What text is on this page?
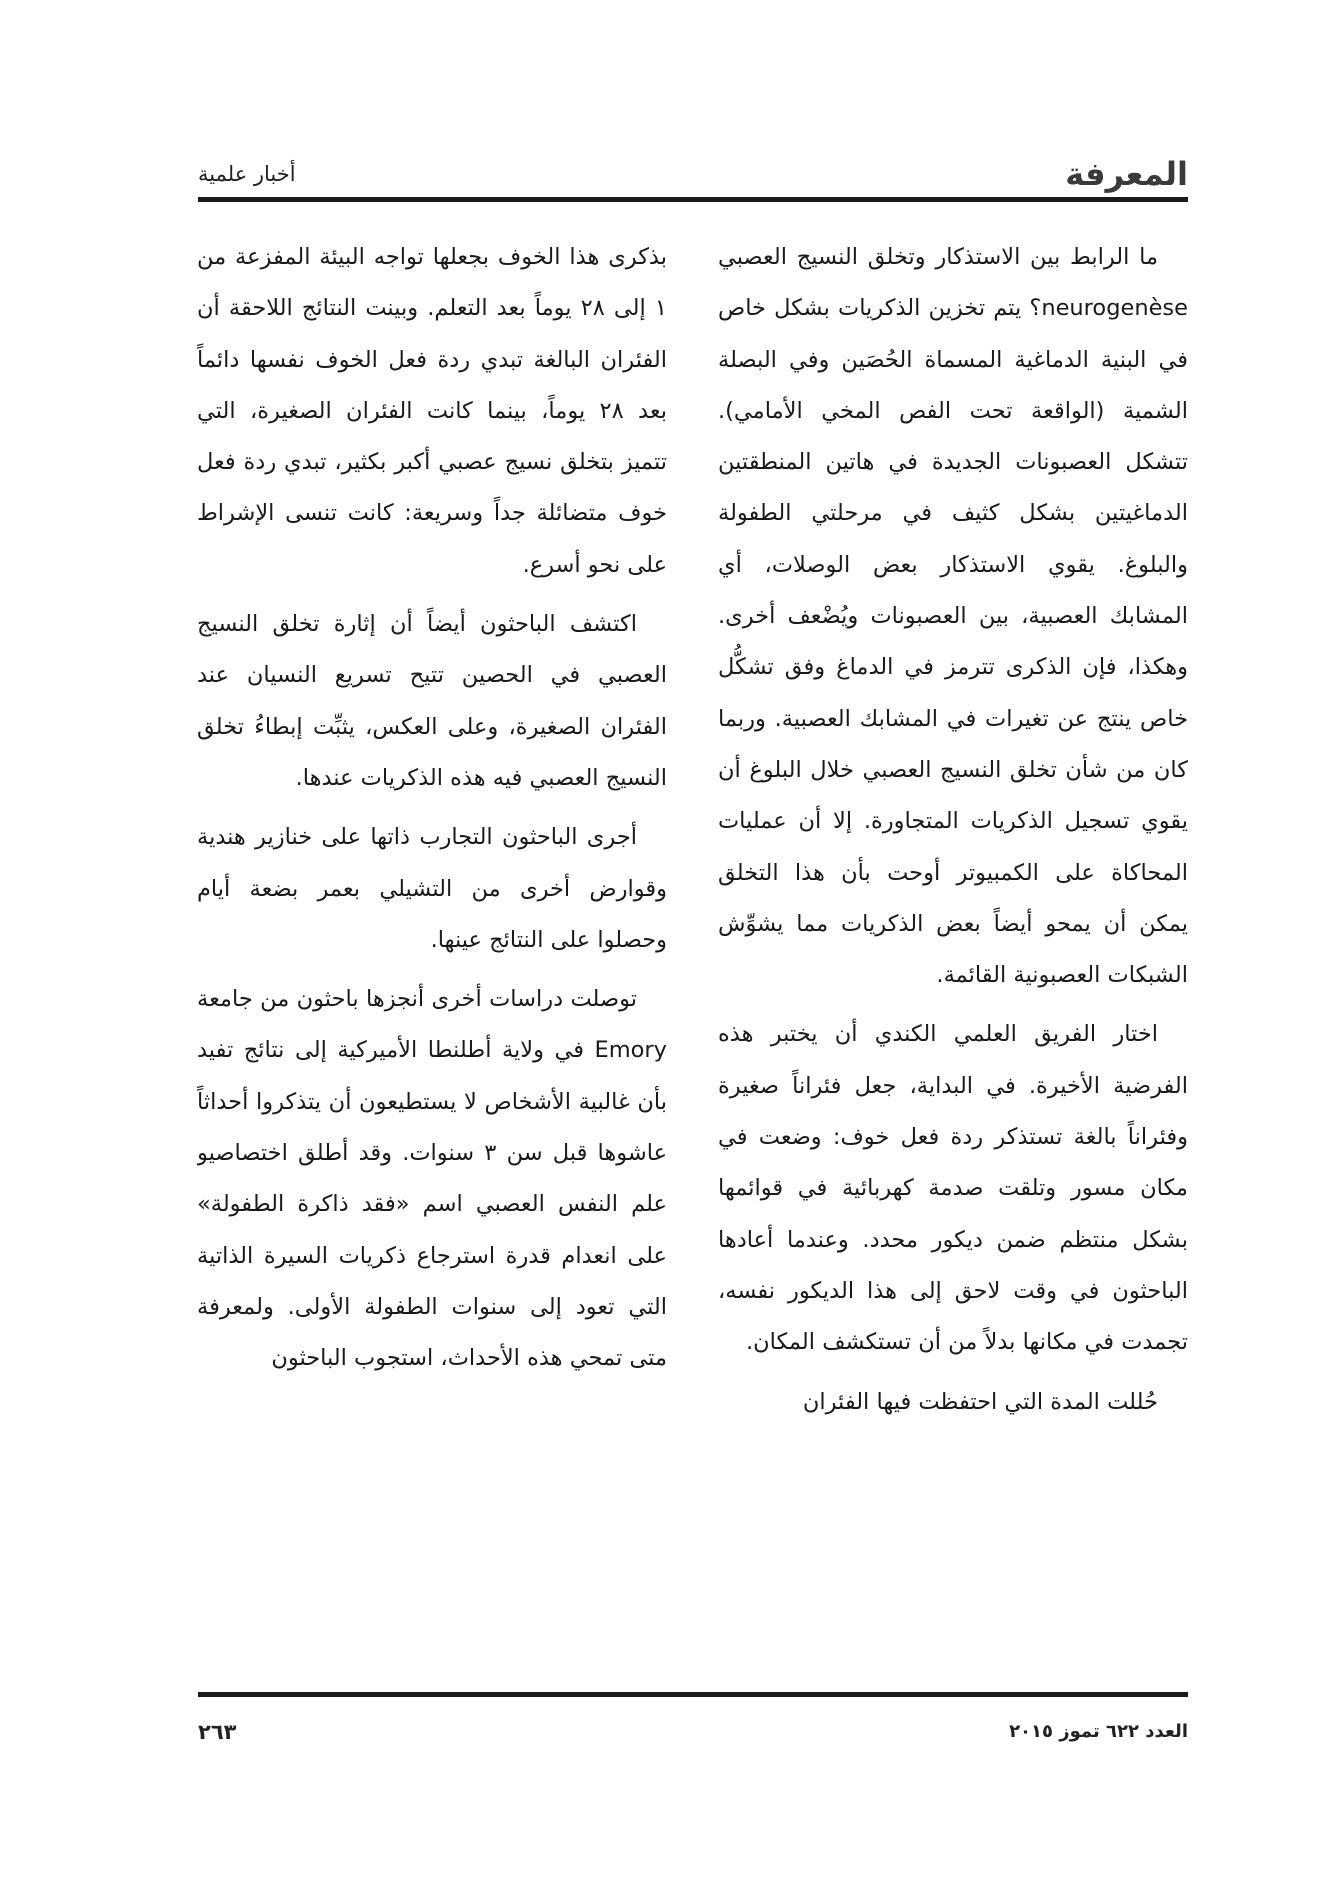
المعرفة
أخبار علمية

ما الرابط بين الاستذكار وتخلق النسيج العصبي neurogenèse؟ يتم تخزين الذكريات بشكل خاص في البنية الدماغية المسماة الحُصَين وفي البصلة الشمية (الواقعة تحت الفص المخي الأمامي). تتشكل العصبونات الجديدة في هاتين المنطقتين الدماغيتين بشكل كثيف في مرحلتي الطفولة والبلوغ. يقوي الاستذكار بعض الوصلات، أي المشابك العصبية، بين العصبونات ويُضْعف أخرى. وهكذا، فإن الذكرى تترمز في الدماغ وفق تشكُّل خاص ينتج عن تغيرات في المشابك العصبية. وربما كان من شأن تخلق النسيج العصبي خلال البلوغ أن يقوي تسجيل الذكريات المتجاورة. إلا أن عمليات المحاكاة على الكمبيوتر أوحت بأن هذا التخلق يمكن أن يمحو أيضاً بعض الذكريات مما يشوِّش الشبكات العصبونية القائمة.

اختار الفريق العلمي الكندي أن يختبر هذه الفرضية الأخيرة. في البداية، جعل فئراناً صغيرة وفئراناً بالغة تستذكر ردة فعل خوف: وضعت في مكان مسور وتلقت صدمة كهربائية في قوائمها بشكل منتظم ضمن ديكور محدد. وعندما أعادها الباحثون في وقت لاحق إلى هذا الديكور نفسه، تجمدت في مكانها بدلاً من أن تستكشف المكان.

حُللت المدة التي احتفظت فيها الفئران

بذكرى هذا الخوف بجعلها تواجه البيئة المفزعة من ١ إلى ٢٨ يوماً بعد التعلم. وبينت النتائج اللاحقة أن الفئران البالغة تبدي ردة فعل الخوف نفسها دائماً بعد ٢٨ يوماً، بينما كانت الفئران الصغيرة، التي تتميز بتخلق نسيج عصبي أكبر بكثير، تبدي ردة فعل خوف متضائلة جداً وسريعة: كانت تنسى الإشراط على نحو أسرع.

اكتشف الباحثون أيضاً أن إثارة تخلق النسيج العصبي في الحصين تتيح تسريع النسيان عند الفئران الصغيرة، وعلى العكس، يثبِّت إبطاءُ تخلق النسيج العصبي فيه هذه الذكريات عندها.

أجرى الباحثون التجارب ذاتها على خنازير هندية وقوارض أخرى من التشيلي بعمر بضعة أيام وحصلوا على النتائج عينها.

توصلت دراسات أخرى أنجزها باحثون من جامعة Emory في ولاية أطلنطا الأميركية إلى نتائج تفيد بأن غالبية الأشخاص لا يستطيعون أن يتذكروا أحداثاً عاشوها قبل سن ٣ سنوات. وقد أطلق اختصاصيو علم النفس العصبي اسم «فقد ذاكرة الطفولة» على انعدام قدرة استرجاع ذكريات السيرة الذاتية التي تعود إلى سنوات الطفولة الأولى. ولمعرفة متى تمحي هذه الأحداث، استجوب الباحثون

العدد ٦٢٢ تموز ٢٠١٥
٢٦٣
